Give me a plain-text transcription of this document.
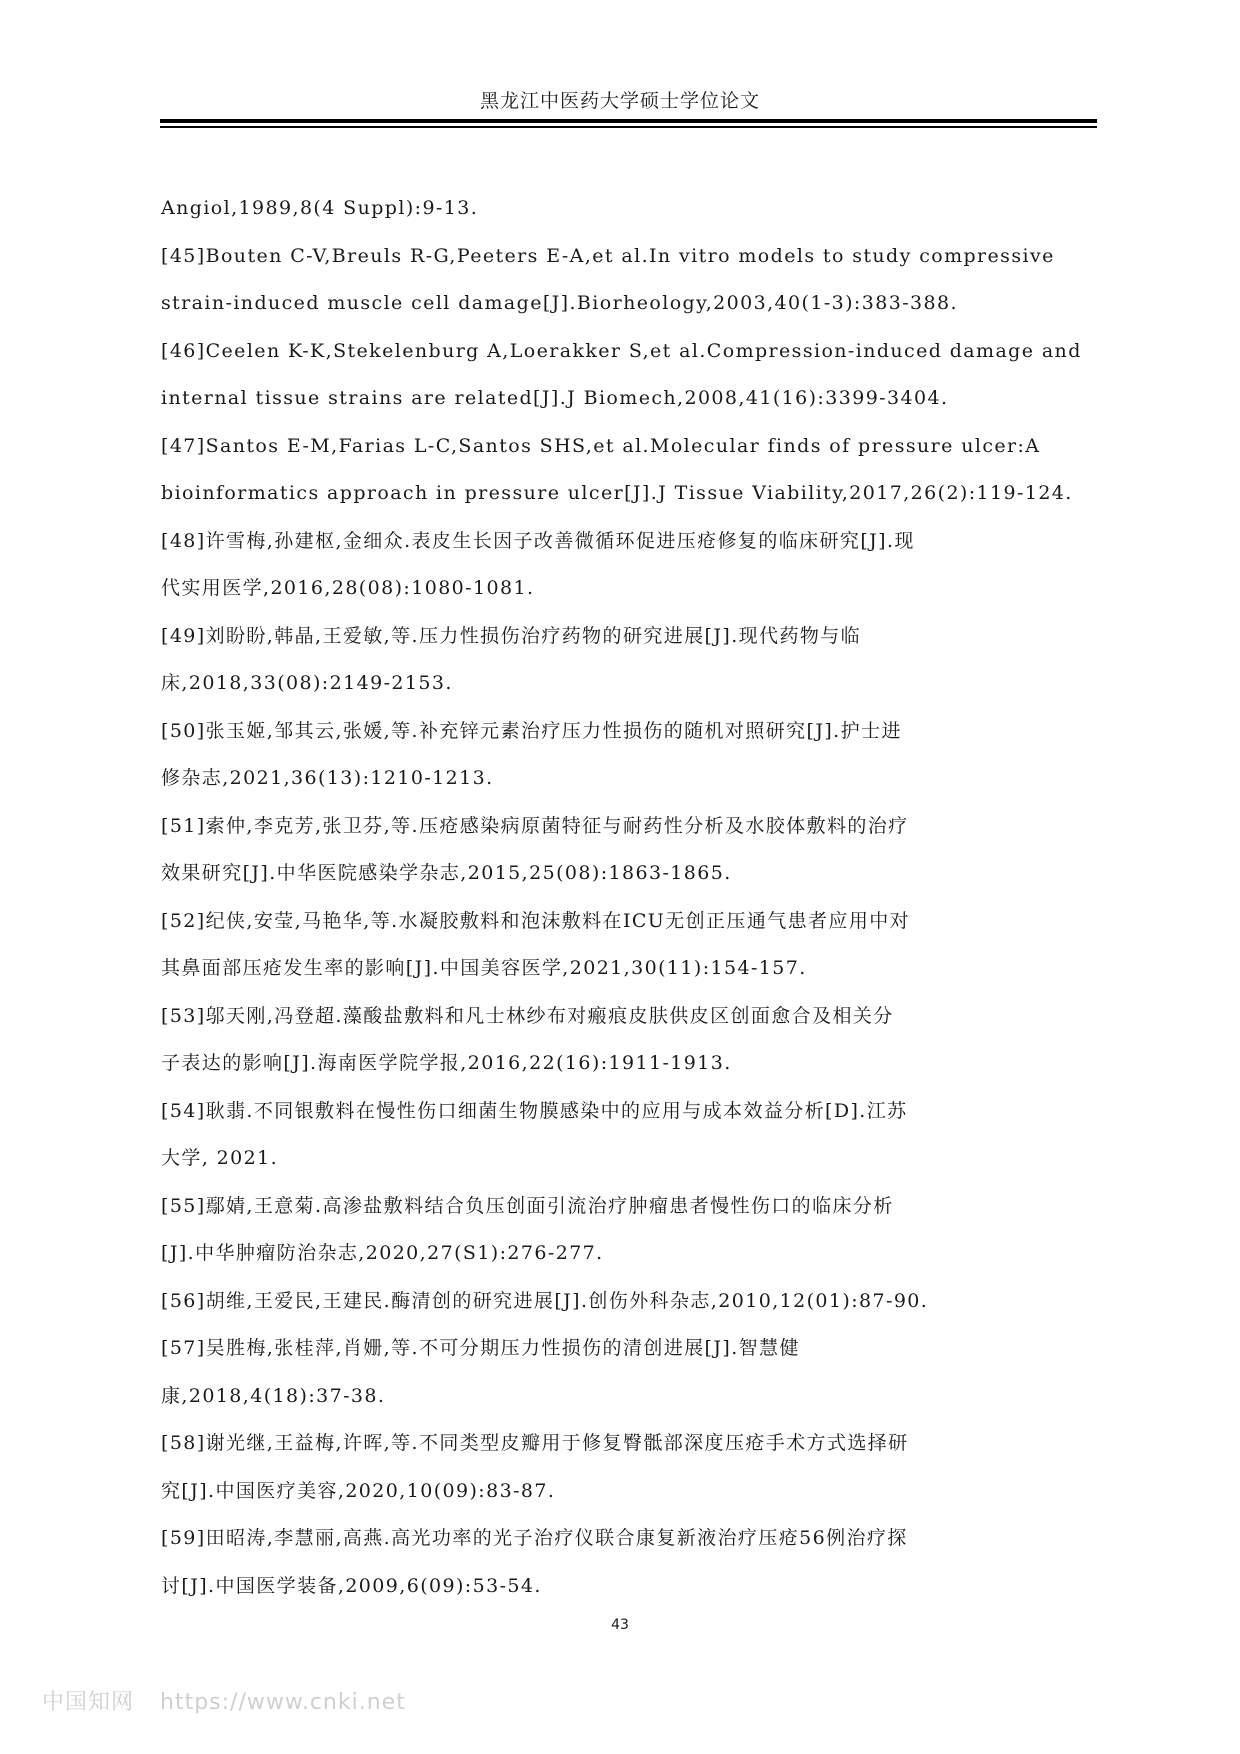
黑龙江中医药大学硕士学位论文
Angiol,1989,8(4 Suppl):9-13.
[45]Bouten C-V,Breuls R-G,Peeters E-A,et al.In vitro models to study compressive
strain-induced muscle cell damage[J].Biorheology,2003,40(1-3):383-388.
[46]Ceelen K-K,Stekelenburg A,Loerakker S,et al.Compression-induced damage and
internal tissue strains are related[J].J Biomech,2008,41(16):3399-3404.
[47]Santos E-M,Farias L-C,Santos SHS,et al.Molecular finds of pressure ulcer:A
bioinformatics approach in pressure ulcer[J].J Tissue Viability,2017,26(2):119-124.
[48]许雪梅,孙建枢,金细众.表皮生长因子改善微循环促进压疮修复的临床研究[J].现
代实用医学,2016,28(08):1080-1081.
[49]刘盼盼,韩晶,王爱敏,等.压力性损伤治疗药物的研究进展[J].现代药物与临
床,2018,33(08):2149-2153.
[50]张玉姬,邹其云,张媛,等.补充锌元素治疗压力性损伤的随机对照研究[J].护士进
修杂志,2021,36(13):1210-1213.
[51]索仲,李克芳,张卫芬,等.压疮感染病原菌特征与耐药性分析及水胶体敷料的治疗
效果研究[J].中华医院感染学杂志,2015,25(08):1863-1865.
[52]纪侠,安莹,马艳华,等.水凝胶敷料和泡沫敷料在ICU无创正压通气患者应用中对
其鼻面部压疮发生率的影响[J].中国美容医学,2021,30(11):154-157.
[53]邬天刚,冯登超.藻酸盐敷料和凡士林纱布对瘢痕皮肤供皮区创面愈合及相关分
子表达的影响[J].海南医学院学报,2016,22(16):1911-1913.
[54]耿翡.不同银敷料在慢性伤口细菌生物膜感染中的应用与成本效益分析[D].江苏
大学, 2021.
[55]鄢婧,王意菊.高渗盐敷料结合负压创面引流治疗肿瘤患者慢性伤口的临床分析
[J].中华肿瘤防治杂志,2020,27(S1):276-277.
[56]胡维,王爱民,王建民.酶清创的研究进展[J].创伤外科杂志,2010,12(01):87-90.
[57]吴胜梅,张桂萍,肖姗,等.不可分期压力性损伤的清创进展[J].智慧健
康,2018,4(18):37-38.
[58]谢光继,王益梅,许晖,等.不同类型皮瓣用于修复臀骶部深度压疮手术方式选择研
究[J].中国医疗美容,2020,10(09):83-87.
[59]田昭涛,李慧丽,高燕.高光功率的光子治疗仪联合康复新液治疗压疮56例治疗探
讨[J].中国医学装备,2009,6(09):53-54.
43
中国知网 https://www.cnki.net
